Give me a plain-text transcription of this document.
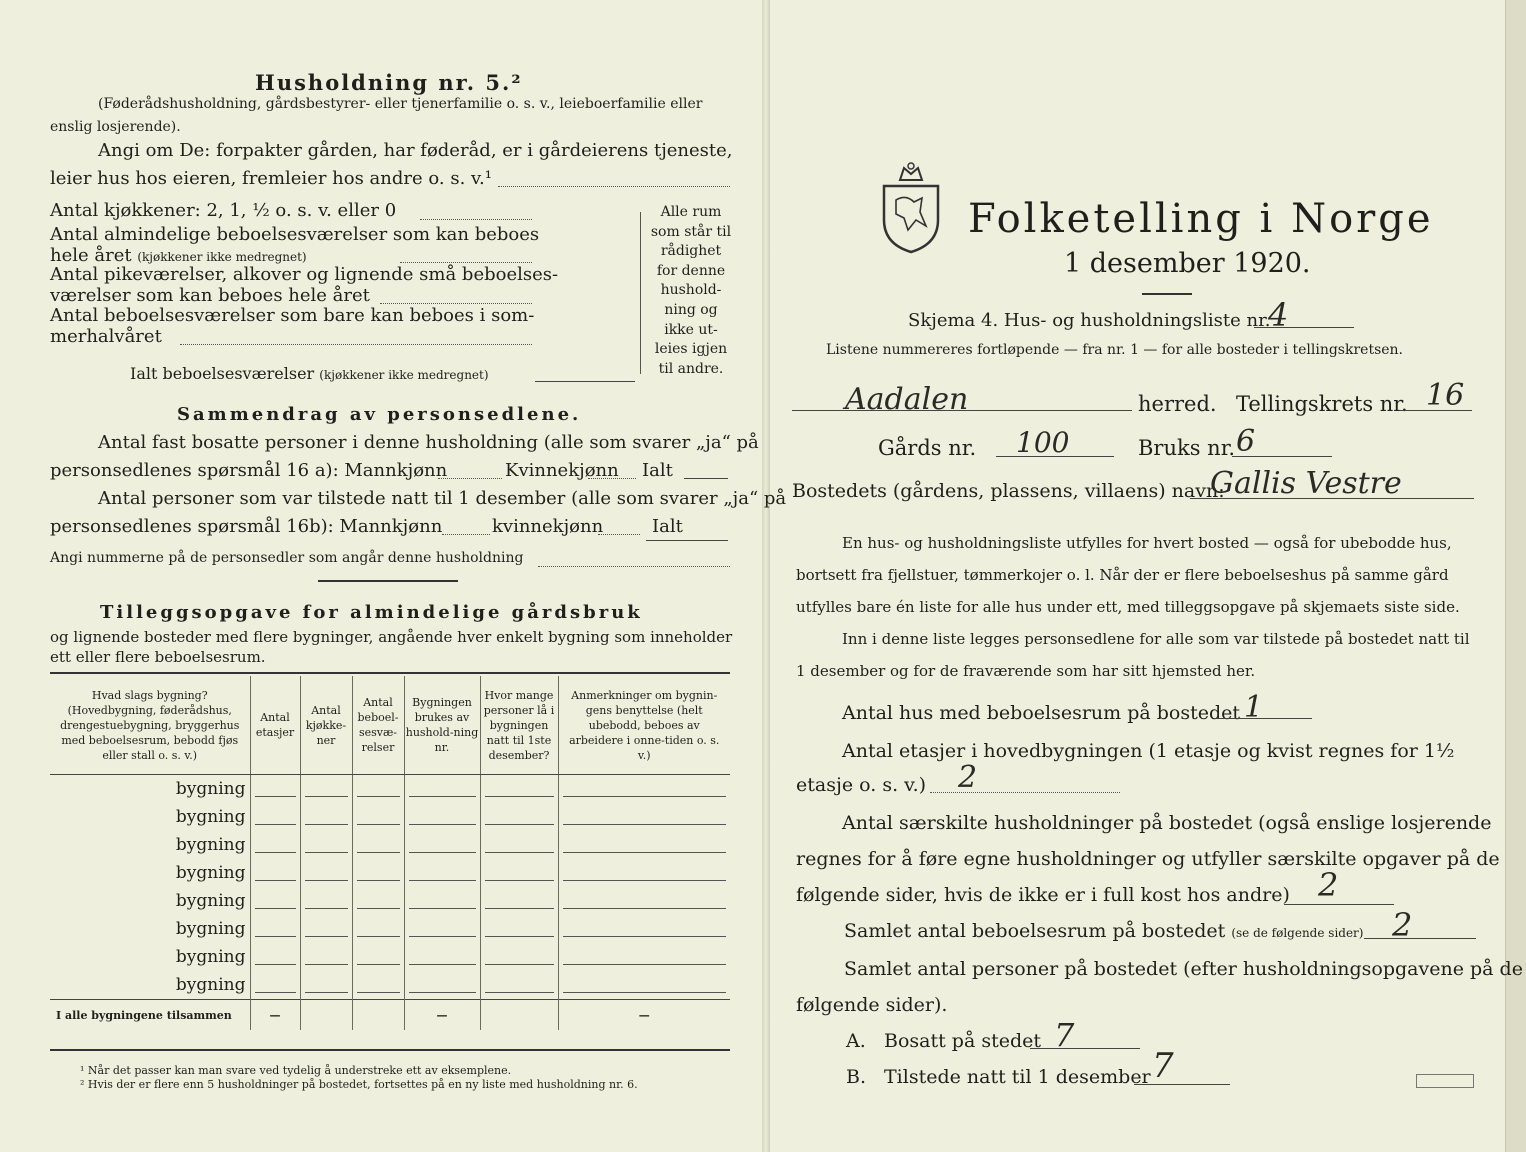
Husholdning nr. 5.²
(Føderådshusholdning, gårdsbestyrer- eller tjenerfamilie o. s. v., leieboerfamilie eller
enslig losjerende).
Angi om De: forpakter gården, har føderåd, er i gårdeierens tjeneste,
leier hus hos eieren, fremleier hos andre o. s. v.¹
Antal kjøkkener: 2, 1, ½ o. s. v. eller 0
Antal almindelige beboelsesværelser som kan beboes
hele året (kjøkkener ikke medregnet)
Antal pikeværelser, alkover og lignende små beboelses-
værelser som kan beboes hele året
Antal beboelsesværelser som bare kan beboes i som-
merhalvåret
Alle rum
som står til
rådighet
for denne
hushold-
ning og
ikke ut-
leies igjen
til andre.
Ialt beboelsesværelser (kjøkkener ikke medregnet)
Sammendrag av personsedlene.
Antal fast bosatte personer i denne husholdning (alle som svarer „ja“ på
personsedlenes spørsmål 16 a): Mannkjønn	Kvinnekjønn Ialt
Antal personer som var tilstede natt til 1 desember (alle som svarer „ja“ på
personsedlenes spørsmål 16b): Mannkjønn	kvinnekjønn	Ialt
Angi nummerne på de personsedler som angår denne husholdning
Tilleggsopgave for almindelige gårdsbruk
og lignende bosteder med flere bygninger, angående hver enkelt bygning som inneholder
ett eller flere beboelsesrum.
Hvad slags bygning? (Hovedbygning, føderådshus, drengestuebygning, bryggerhus med beboelsesrum, bebodd fjøs eller stall o. s. v.)	Antal etasjer	Antal kjøkke-ner	Antal beboel-sesvæ-relser	Bygningen brukes av hushold-ning nr.	Hvor mange personer lå i bygningen natt til 1ste desember?	Anmerkninger om bygnin-gens benyttelse (helt ubebodd, beboes av arbeidere i onne-tiden o. s. v.)
bygning	

bygning	

bygning	

bygning	

bygning	

bygning	

bygning	

bygning	

I alle bygningene tilsammen	—			—		—
¹ Når det passer kan man svare ved tydelig å understreke ett av eksemplene.
² Hvis der er flere enn 5 husholdninger på bostedet, fortsettes på en ny liste med husholdning nr. 6.
Folketelling i Norge
1 desember 1920.
Skjema 4. Hus- og husholdningsliste nr.
4
Listene nummereres fortløpende — fra nr. 1 — for alle bosteder i tellingskretsen.
Aadalen	herred. Tellingskrets nr. 16
Gårds nr. 100	Bruks nr. 6
Bostedets (gårdens, plassens, villaens) navn:
Gallis Vestre
En hus- og husholdningsliste utfylles for hvert bosted — også for ubebodde hus,
bortsett fra fjellstuer, tømmerkojer o. l. Når der er flere beboelseshus på samme gård
utfylles bare én liste for alle hus under ett, med tilleggsopgave på skjemaets siste side.
Inn i denne liste legges personsedlene for alle som var tilstede på bostedet natt til
1 desember og for de fraværende som har sitt hjemsted her.
Antal hus med beboelsesrum på bostedet 1
Antal etasjer i hovedbygningen (1 etasje og kvist regnes for 1½
etasje o. s. v.) 2
Antal særskilte husholdninger på bostedet (også enslige losjerende
regnes for å føre egne husholdninger og utfyller særskilte opgaver på de
følgende sider, hvis de ikke er i full kost hos andre) 2
Samlet antal beboelsesrum på bostedet (se de følgende sider) 2
Samlet antal personer på bostedet (efter husholdningsopgavene på de
følgende sider).
A. Bosatt på stedet 7
B. Tilstede natt til 1 desember 7
